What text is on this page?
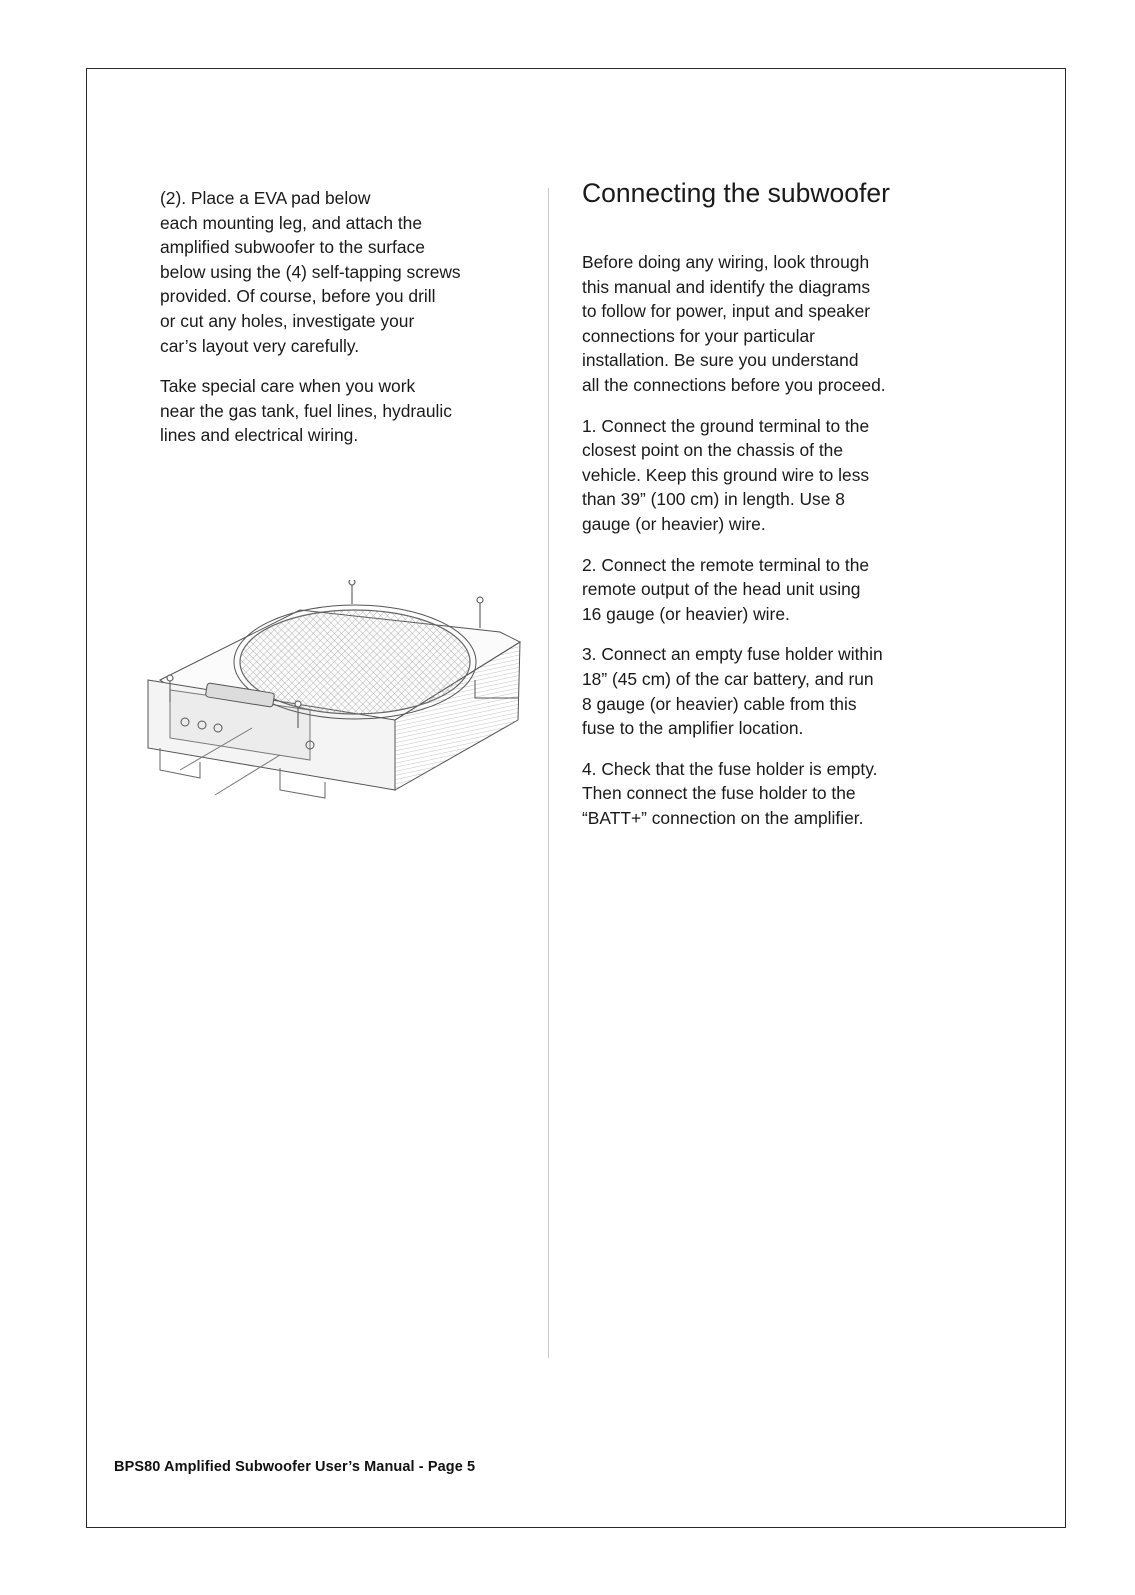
(2). Place a EVA pad below
each mounting leg, and attach the
amplified subwoofer to the surface
below using the (4) self-tapping screws
provided. Of course, before you drill
or cut any holes, investigate your
car’s layout very carefully.

Take special care when you work
near the gas tank, fuel lines, hydraulic
lines and electrical wiring.

Connecting the subwoofer

Before doing any wiring, look through
this manual and identify the diagrams
to follow for power, input and speaker
connections for your particular
installation. Be sure you understand
all the connections before you proceed.

1. Connect the ground terminal to the
closest point on the chassis of the
vehicle. Keep this ground wire to less
than 39” (100 cm) in length. Use 8
gauge (or heavier) wire.

2. Connect the remote terminal to the
remote output of the head unit using
16 gauge (or heavier) wire.

3. Connect an empty fuse holder within
18” (45 cm) of the car battery, and run
8 gauge (or heavier) cable from this
fuse to the amplifier location.

4. Check that the fuse holder is empty.
Then connect the fuse holder to the
“BATT+” connection on the amplifier.

BPS80 Amplified Subwoofer User’s Manual - Page 5
